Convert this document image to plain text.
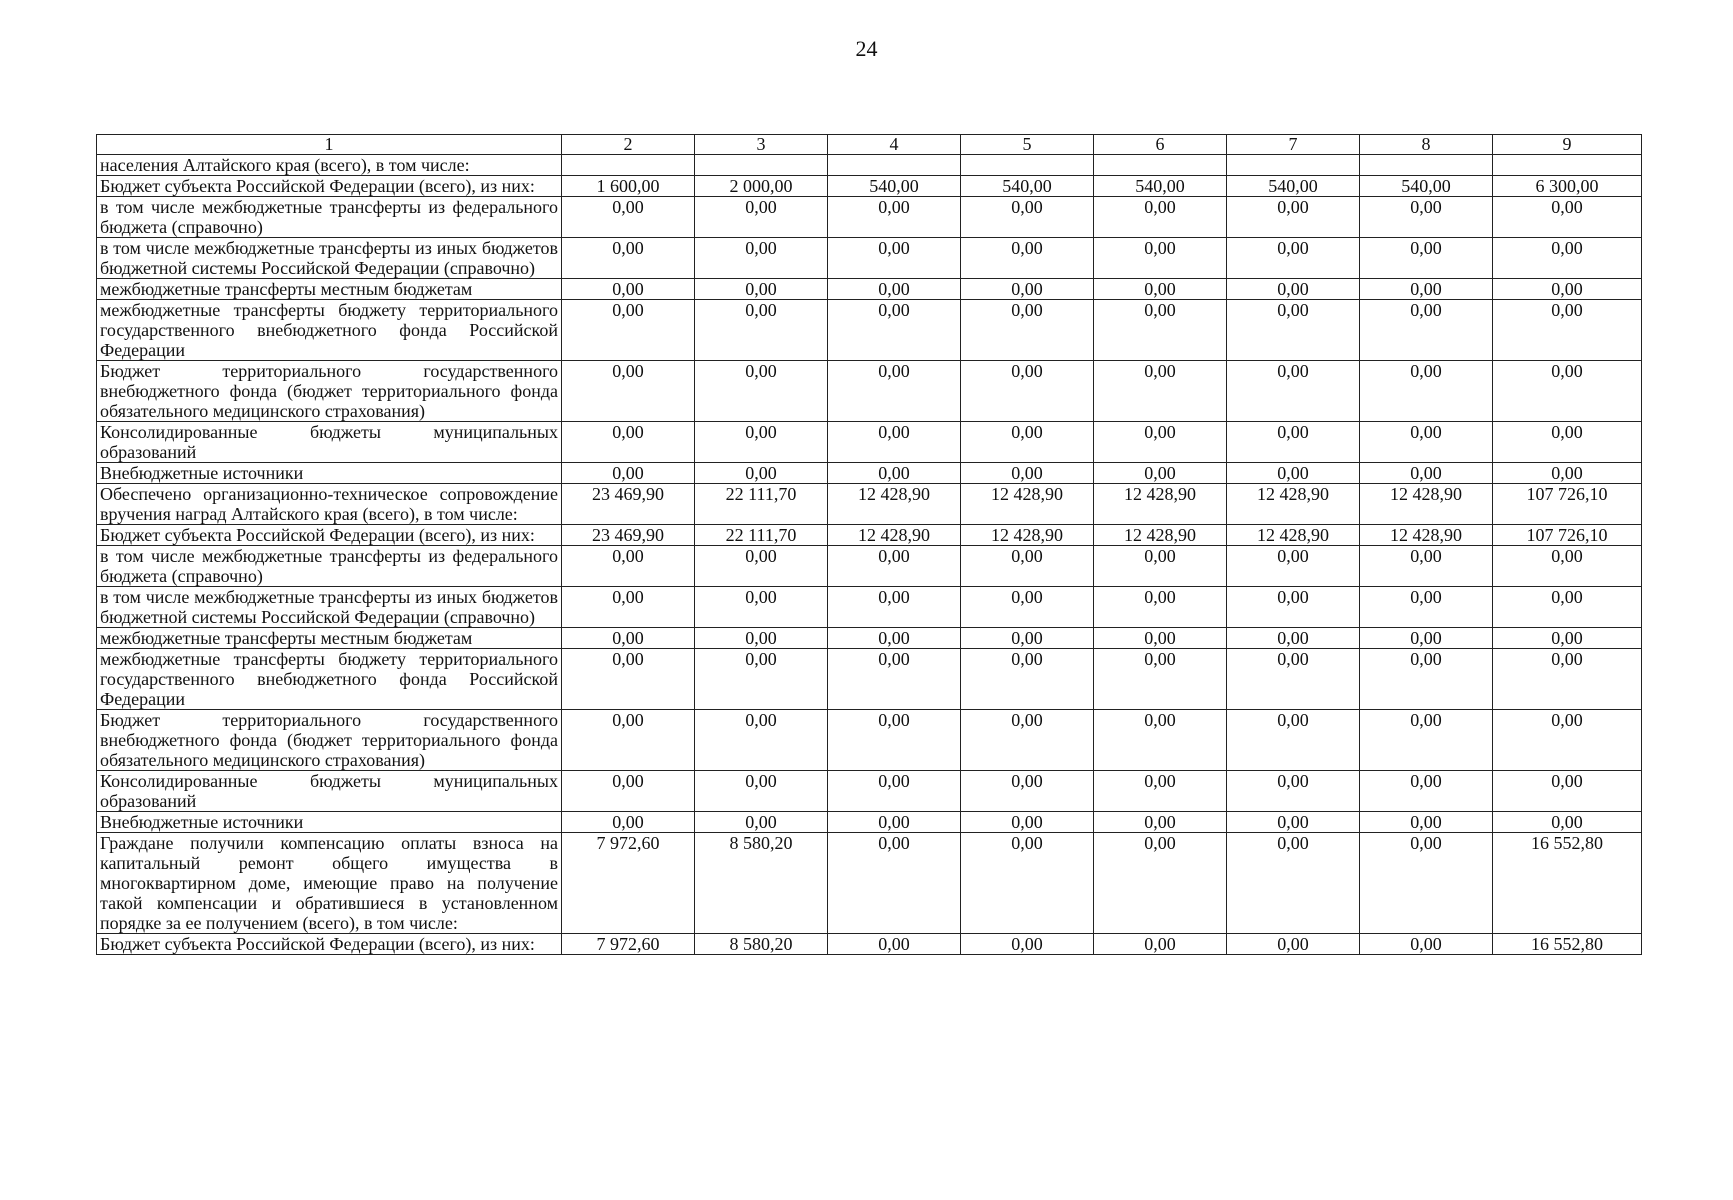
24
1	2	3	4	5	6	7	8	9
населения Алтайского края (всего), в том числе:								
Бюджет субъекта Российской Федерации (всего), из них:	1 600,00	2 000,00	540,00	540,00	540,00	540,00	540,00	6 300,00
в том числе межбюджетные трансферты из федерального бюджета (справочно)	0,00	0,00	0,00	0,00	0,00	0,00	0,00	0,00
в том числе межбюджетные трансферты из иных бюджетов бюджетной системы Российской Федерации (справочно)	0,00	0,00	0,00	0,00	0,00	0,00	0,00	0,00
межбюджетные трансферты местным бюджетам	0,00	0,00	0,00	0,00	0,00	0,00	0,00	0,00
межбюджетные трансферты бюджету территориального государственного внебюджетного фонда Российской Федерации	0,00	0,00	0,00	0,00	0,00	0,00	0,00	0,00
Бюджет территориального государственного внебюджетного фонда (бюджет территориального фонда обязательного медицинского страхования)	0,00	0,00	0,00	0,00	0,00	0,00	0,00	0,00
Консолидированные бюджеты муниципальных образований	0,00	0,00	0,00	0,00	0,00	0,00	0,00	0,00
Внебюджетные источники	0,00	0,00	0,00	0,00	0,00	0,00	0,00	0,00
Обеспечено организационно-техническое сопровождение вручения наград Алтайского края (всего), в том числе:	23 469,90	22 111,70	12 428,90	12 428,90	12 428,90	12 428,90	12 428,90	107 726,10
Бюджет субъекта Российской Федерации (всего), из них:	23 469,90	22 111,70	12 428,90	12 428,90	12 428,90	12 428,90	12 428,90	107 726,10
в том числе межбюджетные трансферты из федерального бюджета (справочно)	0,00	0,00	0,00	0,00	0,00	0,00	0,00	0,00
в том числе межбюджетные трансферты из иных бюджетов бюджетной системы Российской Федерации (справочно)	0,00	0,00	0,00	0,00	0,00	0,00	0,00	0,00
межбюджетные трансферты местным бюджетам	0,00	0,00	0,00	0,00	0,00	0,00	0,00	0,00
межбюджетные трансферты бюджету территориального государственного внебюджетного фонда Российской Федерации	0,00	0,00	0,00	0,00	0,00	0,00	0,00	0,00
Бюджет территориального государственного внебюджетного фонда (бюджет территориального фонда обязательного медицинского страхования)	0,00	0,00	0,00	0,00	0,00	0,00	0,00	0,00
Консолидированные бюджеты муниципальных образований	0,00	0,00	0,00	0,00	0,00	0,00	0,00	0,00
Внебюджетные источники	0,00	0,00	0,00	0,00	0,00	0,00	0,00	0,00
Граждане получили компенсацию оплаты взноса на капитальный ремонт общего имущества в многоквартирном доме, имеющие право на получение такой компенсации и обратившиеся в установленном порядке за ее получением (всего), в том числе:	7 972,60	8 580,20	0,00	0,00	0,00	0,00	0,00	16 552,80
Бюджет субъекта Российской Федерации (всего), из них:	7 972,60	8 580,20	0,00	0,00	0,00	0,00	0,00	16 552,80
